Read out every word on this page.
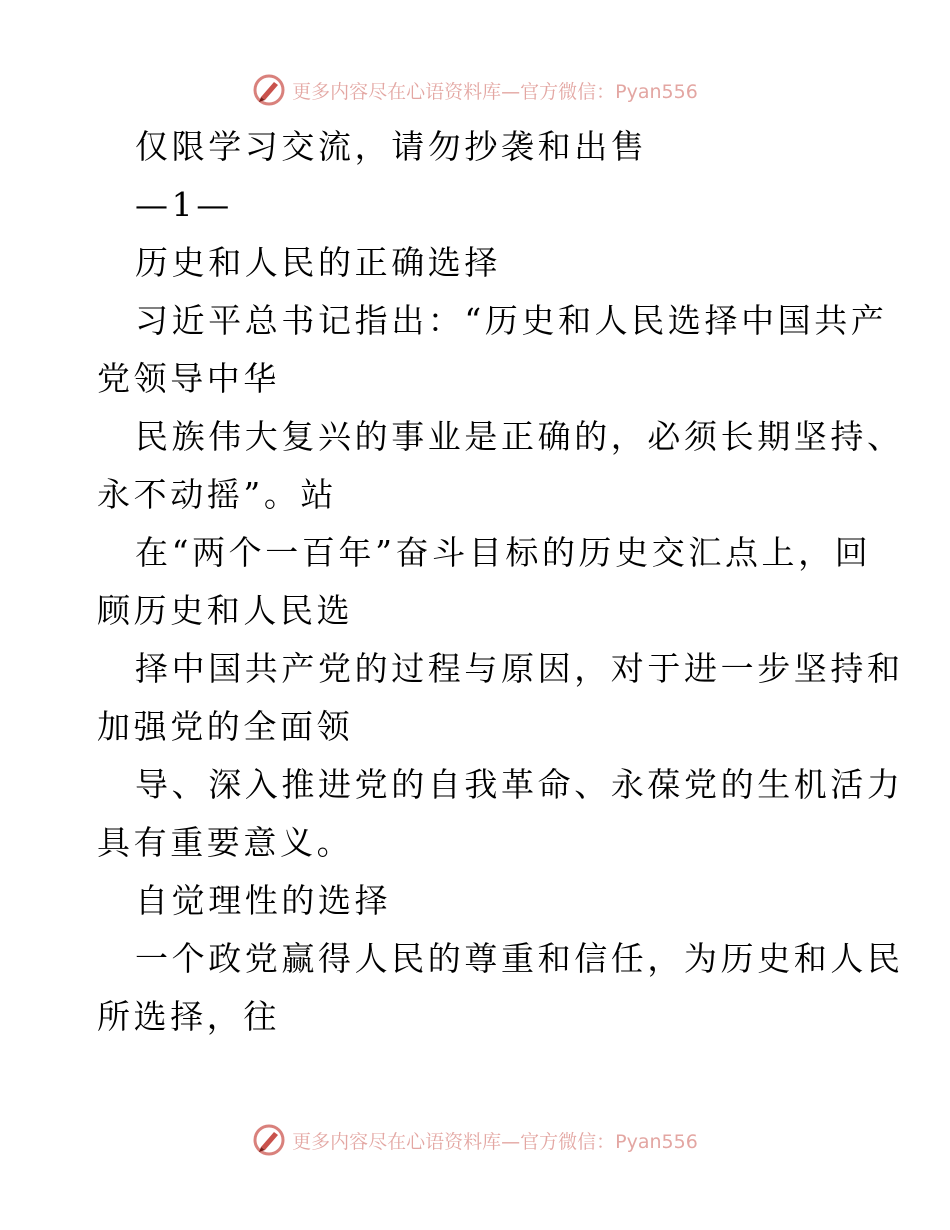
更多内容尽在心语资料库—官方微信：Pyan556
仅限学习交流，请勿抄袭和出售
—1—
历史和人民的正确选择
习近平总书记指出：“历史和人民选择中国共产
党领导中华
民族伟大复兴的事业是正确的，必须长期坚持、
永不动摇”。站
在“两个一百年”奋斗目标的历史交汇点上，回
顾历史和人民选
择中国共产党的过程与原因，对于进一步坚持和
加强党的全面领
导、深入推进党的自我革命、永葆党的生机活力
具有重要意义。
自觉理性的选择
一个政党赢得人民的尊重和信任，为历史和人民
所选择，往
更多内容尽在心语资料库—官方微信：Pyan556
